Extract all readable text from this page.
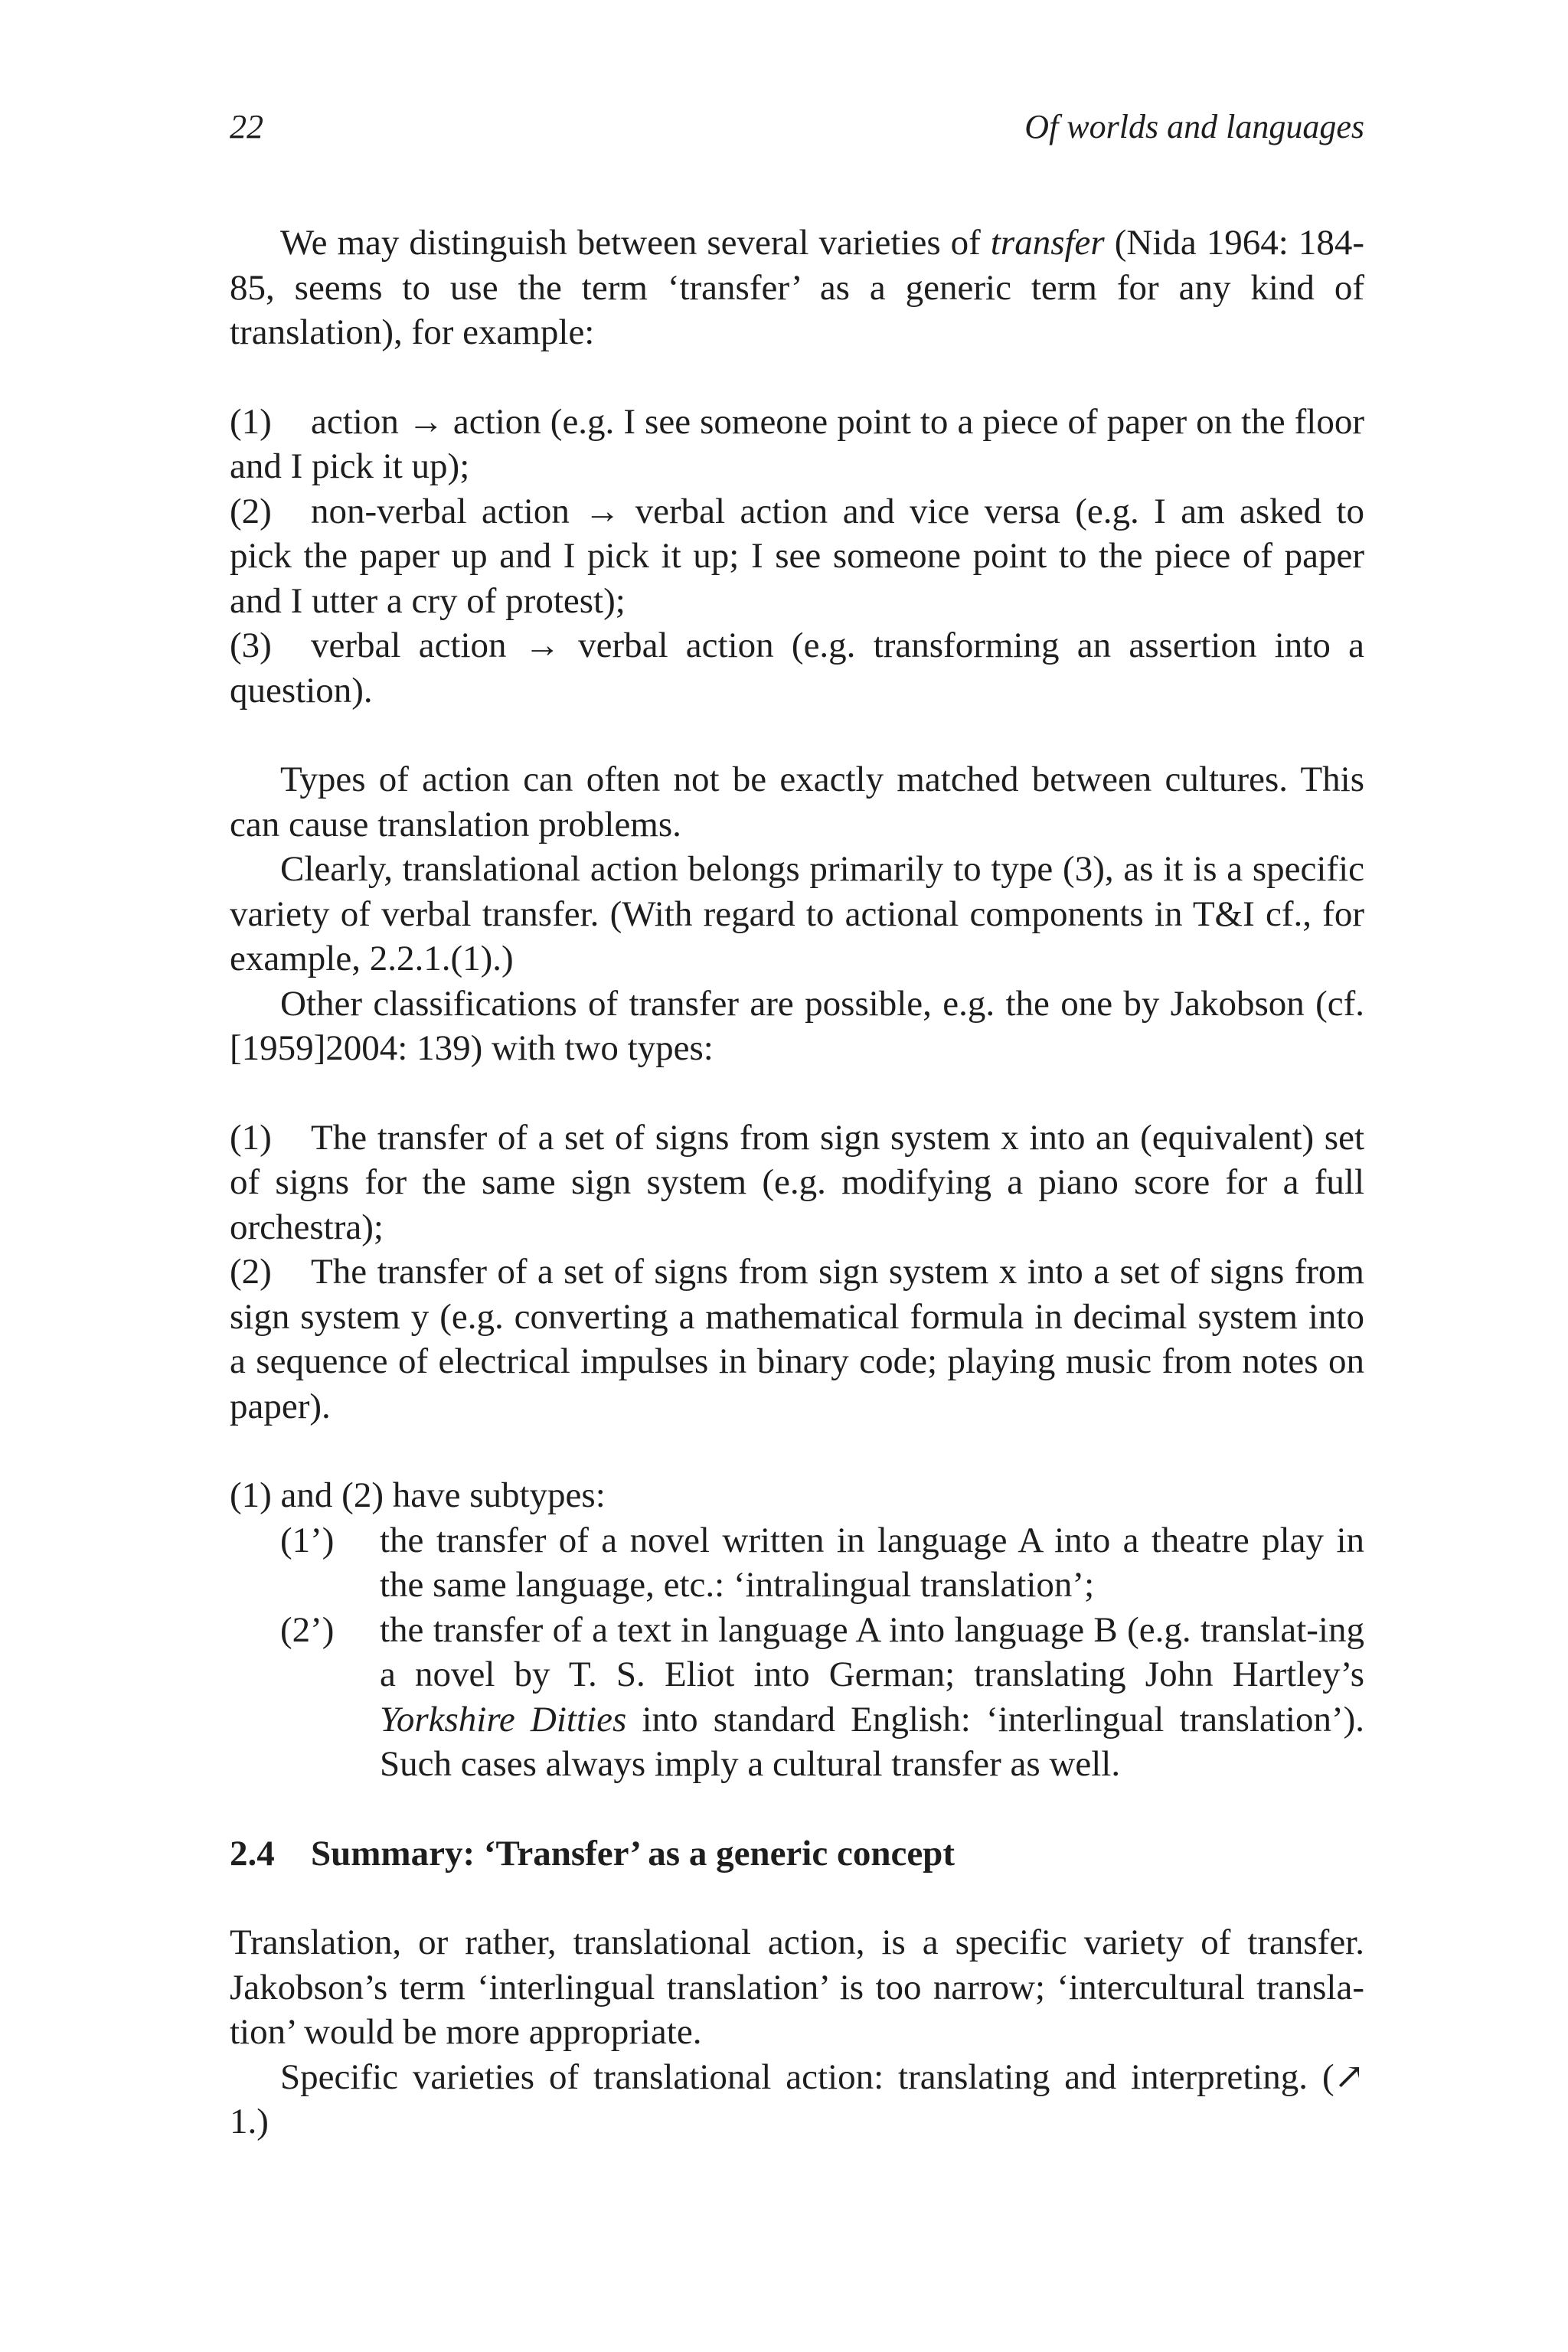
22	Of worlds and languages

We may distinguish between several varieties of transfer (Nida 1964: 184-85, seems to use the term ‘transfer’ as a generic term for any kind of translation), for example:

(1) action → action (e.g. I see someone point to a piece of paper on the floor and I pick it up);

(2) non-verbal action → verbal action and vice versa (e.g. I am asked to pick the paper up and I pick it up; I see someone point to the piece of paper and I utter a cry of protest);

(3) verbal action → verbal action (e.g. transforming an assertion into a question).

Types of action can often not be exactly matched between cultures. This can cause translation problems.

Clearly, translational action belongs primarily to type (3), as it is a specific variety of verbal transfer. (With regard to actional components in T&I cf., for example, 2.2.1.(1).)

Other classifications of transfer are possible, e.g. the one by Jakobson (cf. [1959]2004: 139) with two types:

(1) The transfer of a set of signs from sign system x into an (equivalent) set of signs for the same sign system (e.g. modifying a piano score for a full orchestra);

(2) The transfer of a set of signs from sign system x into a set of signs from sign system y (e.g. converting a mathematical formula in decimal system into a sequence of electrical impulses in binary code; playing music from notes on paper).

(1) and (2) have subtypes:

(1’)	the transfer of a novel written in language A into a theatre play in the same language, etc.: ‘intralingual translation’;
(2’)	the transfer of a text in language A into language B (e.g. translat-ing a novel by T. S. Eliot into German; translating John Hartley’s Yorkshire Ditties into standard English: ‘interlingual translation’). Such cases always imply a cultural transfer as well.

2.4 Summary: ‘Transfer’ as a generic concept

Translation, or rather, translational action, is a specific variety of transfer. Jakobson’s term ‘interlingual translation’ is too narrow; ‘intercultural transla-tion’ would be more appropriate.

Specific varieties of translational action: translating and interpreting. (↗ 1.)
